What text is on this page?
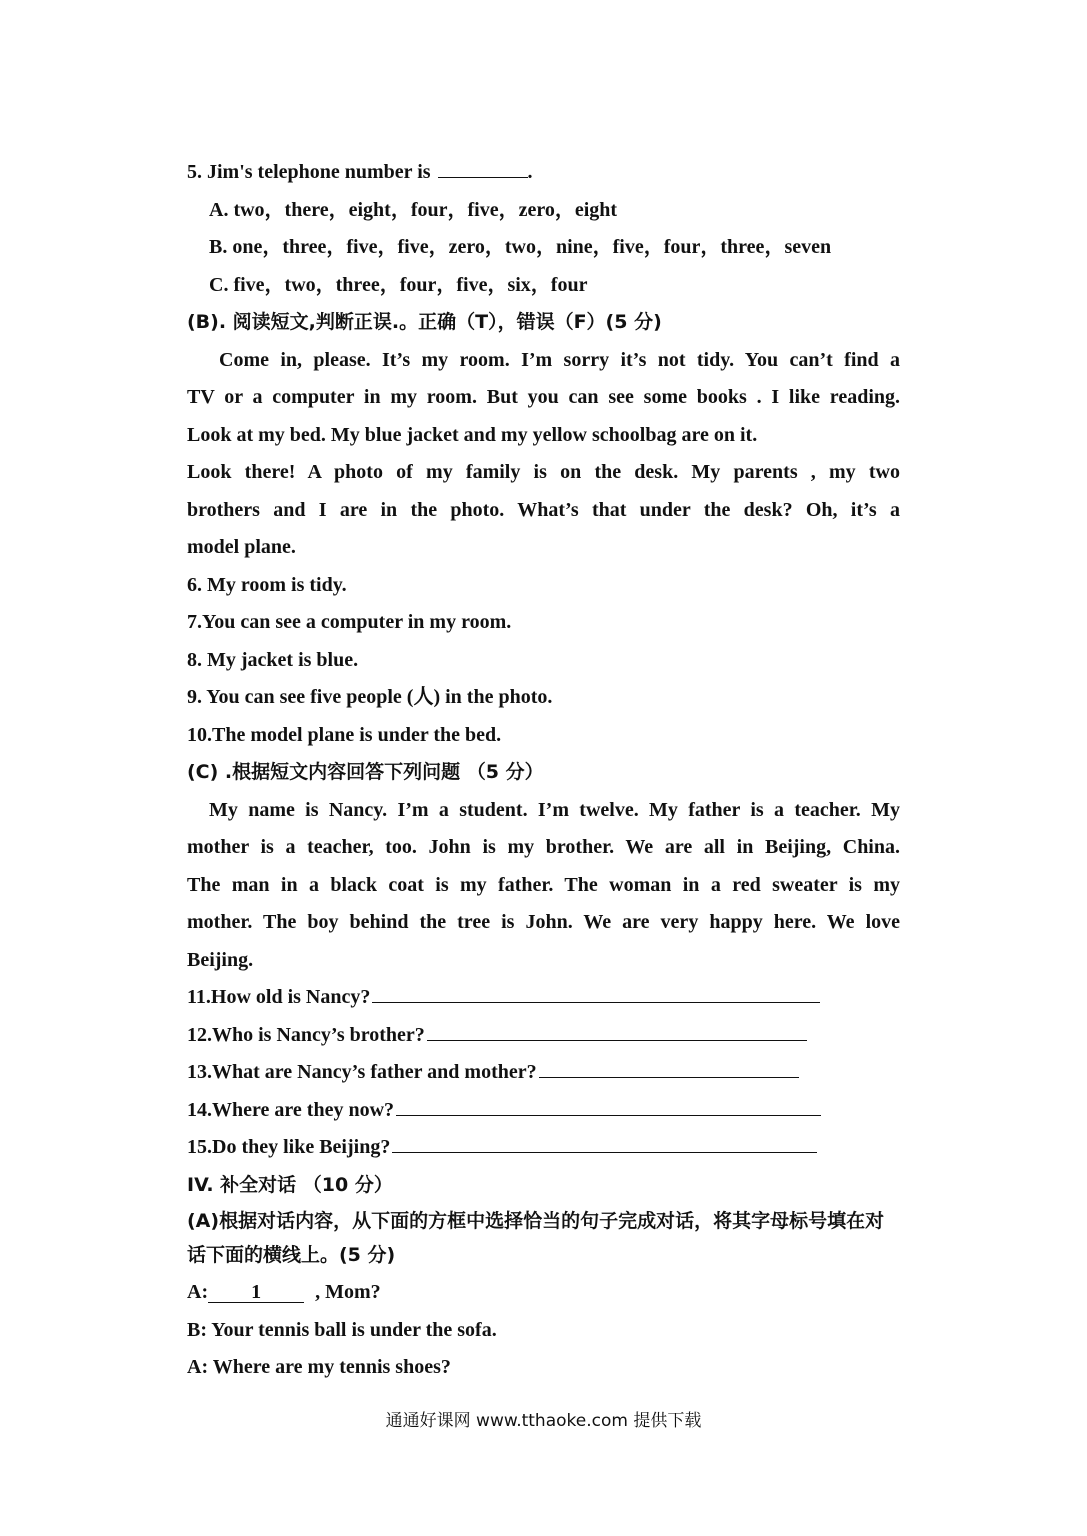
5. Jim's telephone number is	.
A. two，there，eight，four，five，zero，eight
B. one，three，five，five，zero，two，nine，five，four，three，seven
C. five，two，three，four，five，six，four
(B). 阅读短文,判断正误.。正确（T），错误（F）(5 分)
Come in, please. It’s my room. I’m sorry it’s not tidy. You can’t find a
TV or a computer in my room. But you can see some books . I like reading.
Look at my bed. My blue jacket and my yellow schoolbag are on it.
Look there! A photo of my family is on the desk. My parents , my two
brothers and I are in the photo. What’s that under the desk? Oh, it’s a
model plane.
6. My room is tidy.
7.You can see a computer in my room.
8. My jacket is blue.
9. You can see five people (人) in the photo.
10.The model plane is under the bed.
(C) .根据短文内容回答下列问题 （5 分）
My name is Nancy. I’m a student. I’m twelve. My father is a teacher. My
mother is a teacher, too. John is my brother. We are all in Beijing, China.
The man in a black coat is my father. The woman in a red sweater is my
mother. The boy behind the tree is John. We are very happy here. We love
Beijing.
11.How old is Nancy?
12.Who is Nancy’s brother?
13.What are Nancy’s father and mother?
14.Where are they now?
15.Do they like Beijing?
IV. 补全对话 （10 分）
(A)根据对话内容，从下面的方框中选择恰当的句子完成对话，将其字母标号填在对话下面的横线上。(5 分)
A: 1	, Mom?
B: Your tennis ball is under the sofa.
A: Where are my tennis shoes?
通通好课网 www.tthaoke.com 提供下载
